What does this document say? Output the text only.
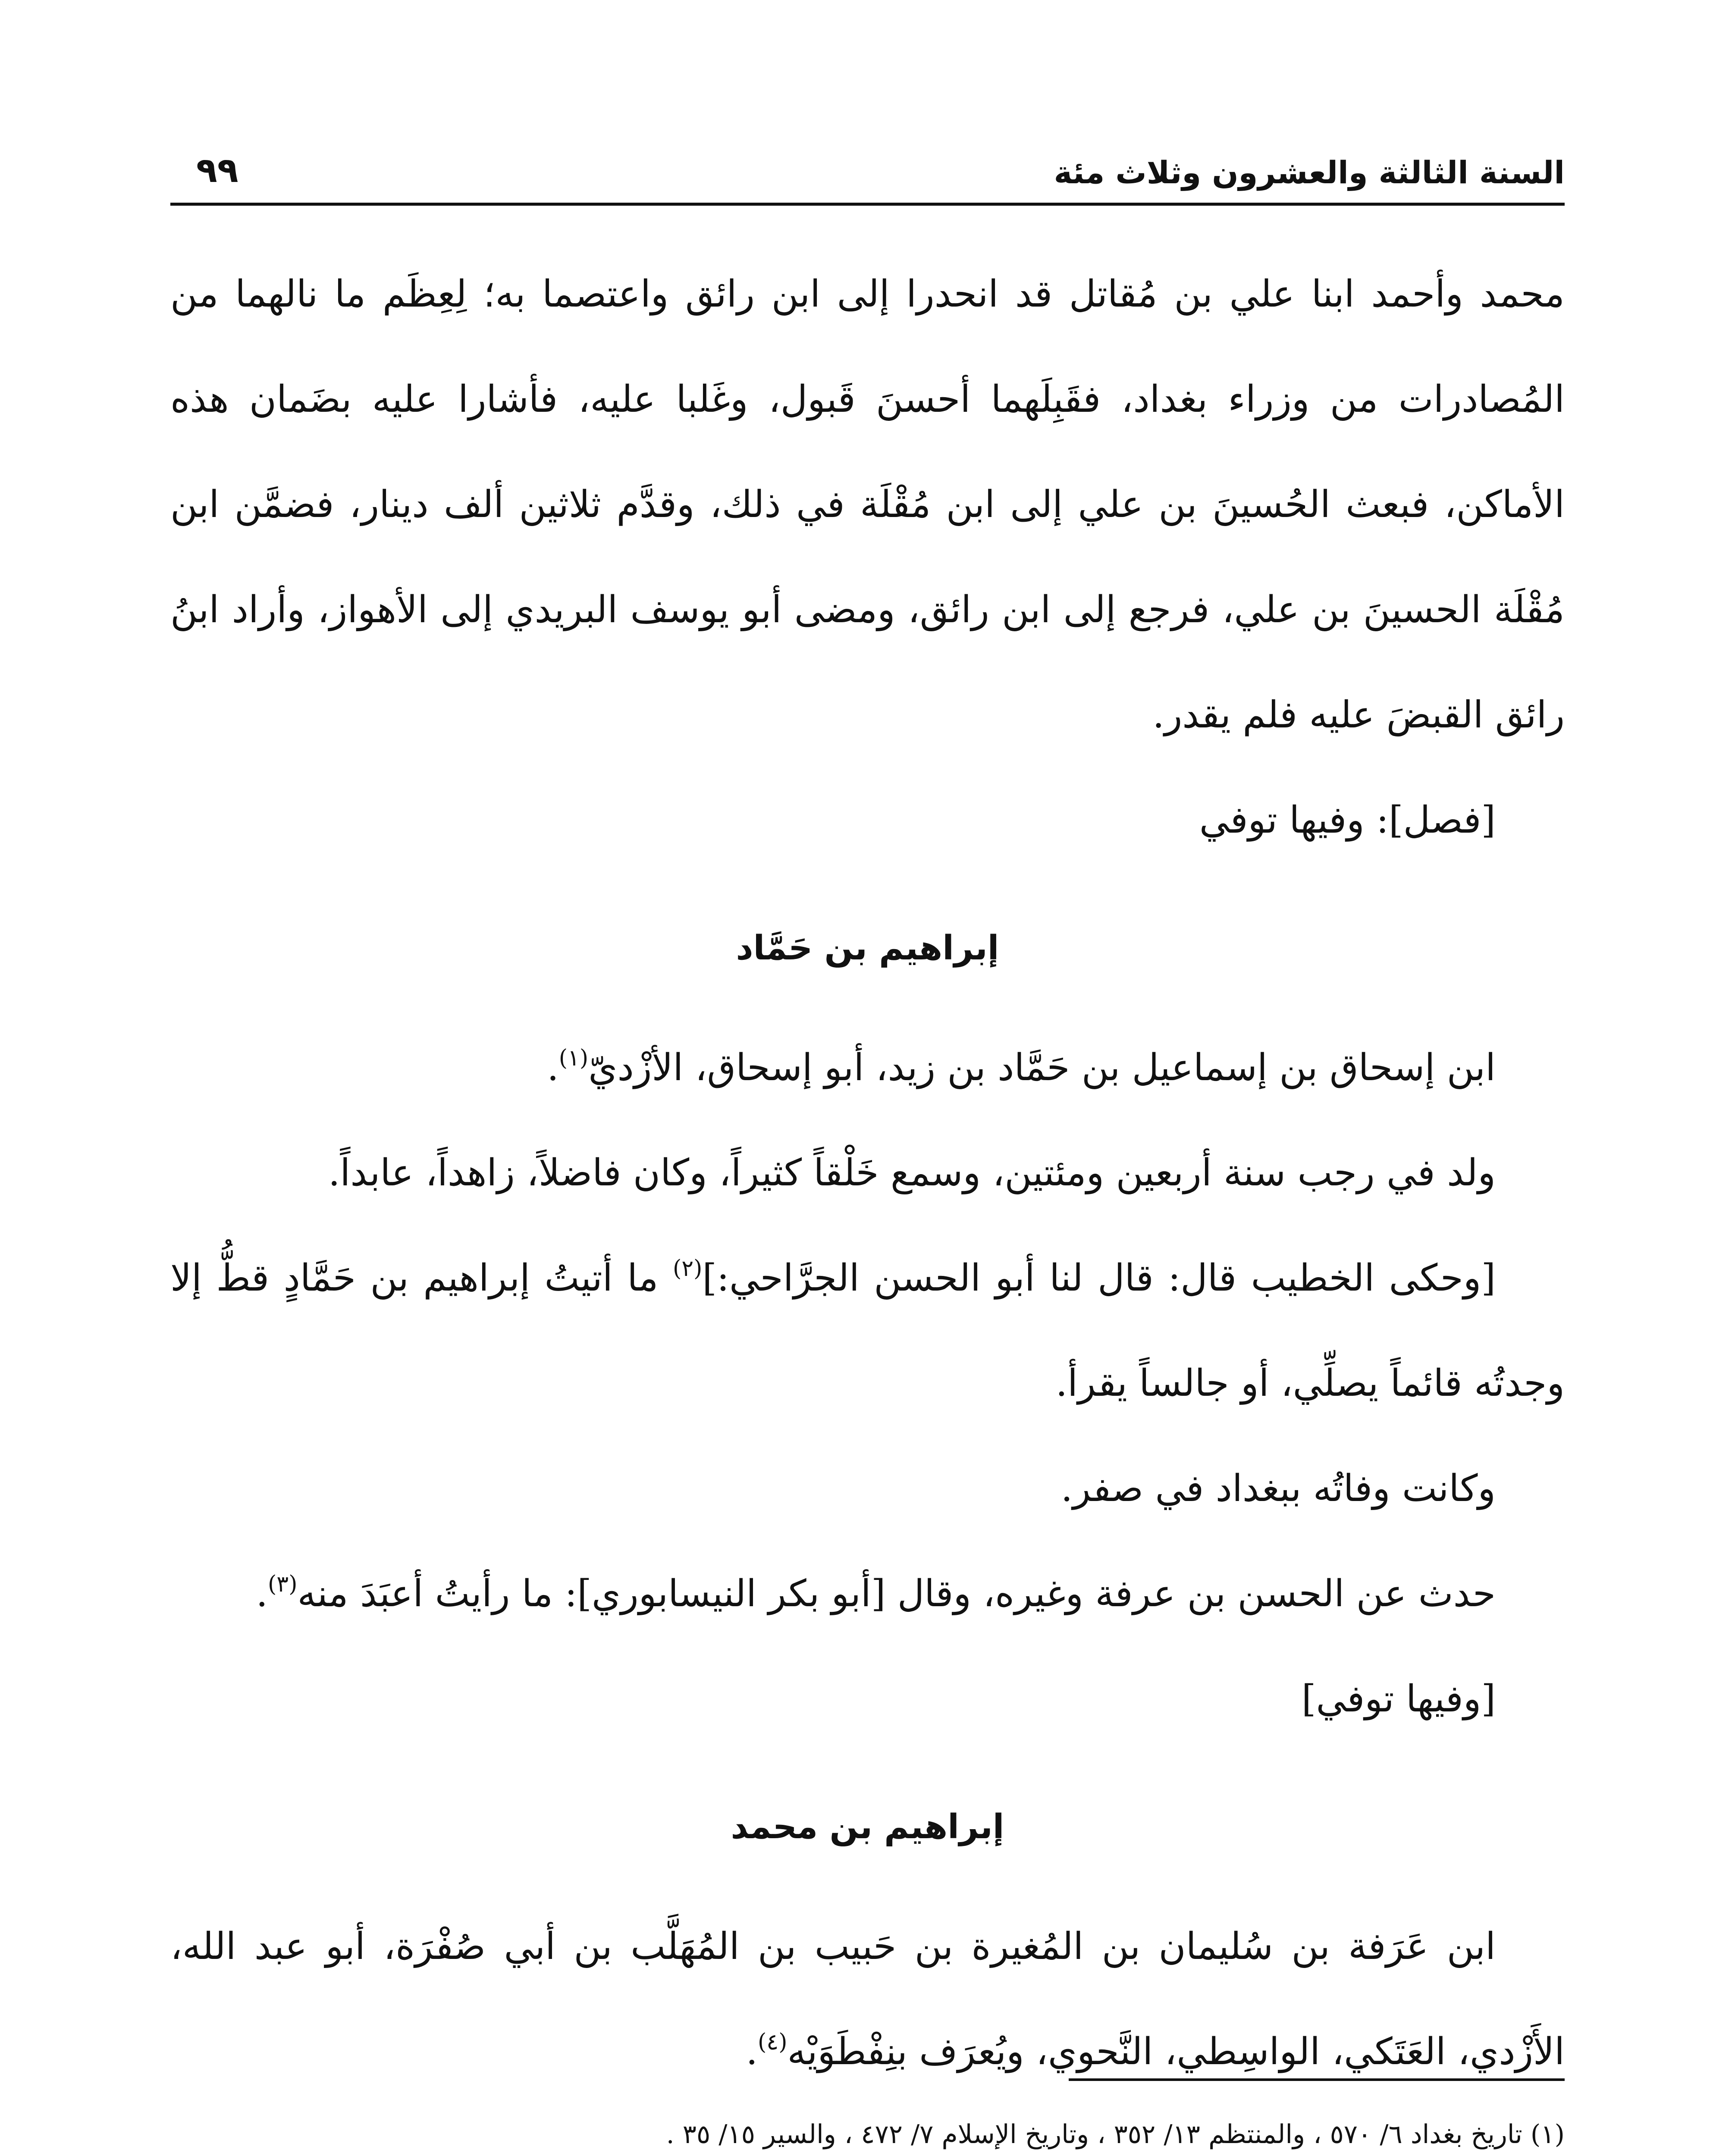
السنة الثالثة والعشرون وثلاث مئة
٩٩

محمد وأحمد ابنا علي بن مُقاتل قد انحدرا إلى ابن رائق واعتصما به؛ لِعِظَم ما نالهما من المُصادرات من وزراء بغداد، فقَبِلَهما أحسنَ قَبول، وغَلبا عليه، فأشارا عليه بضَمان هذه الأماكن، فبعث الحُسينَ بن علي إلى ابن مُقْلَة في ذلك، وقدَّم ثلاثين ألف دينار، فضمَّن ابن مُقْلَة الحسينَ بن علي، فرجع إلى ابن رائق، ومضى أبو يوسف البريدي إلى الأهواز، وأراد ابنُ رائق القبضَ عليه فلم يقدر.

[فصل]: وفيها توفي

إبراهيم بن حَمَّاد

ابن إسحاق بن إسماعيل بن حَمَّاد بن زيد، أبو إسحاق، الأزْديّ$^{(١)}$.

ولد في رجب سنة أربعين ومئتين، وسمع خَلْقاً كثيراً، وكان فاضلاً، زاهداً، عابداً.

[وحكى الخطيب قال: قال لنا أبو الحسن الجرَّاحي:]$^{(٢)}$ ما أتيتُ إبراهيم بن حَمَّادٍ قطُّ إلا وجدتُه قائماً يصلِّي، أو جالساً يقرأ.

وكانت وفاتُه ببغداد في صفر.

حدث عن الحسن بن عرفة وغيره، وقال [أبو بكر النيسابوري]: ما رأيتُ أعبَدَ منه$^{(٣)}$.

[وفيها توفي]

إبراهيم بن محمد

ابن عَرَفة بن سُليمان بن المُغيرة بن حَبيب بن المُهَلَّب بن أبي صُفْرَة، أبو عبد الله، الأَزْدي، العَتَكي، الواسِطي، النَّحوي، ويُعرَف بنِفْطَوَيْه$^{(٤)}$.

(١) تاريخ بغداد ٦/ ٥٧٠ ، والمنتظم ١٣/ ٣٥٢ ، وتاريخ الإسلام ٧/ ٤٧٢ ، والسير ١٥/ ٣٥ .
